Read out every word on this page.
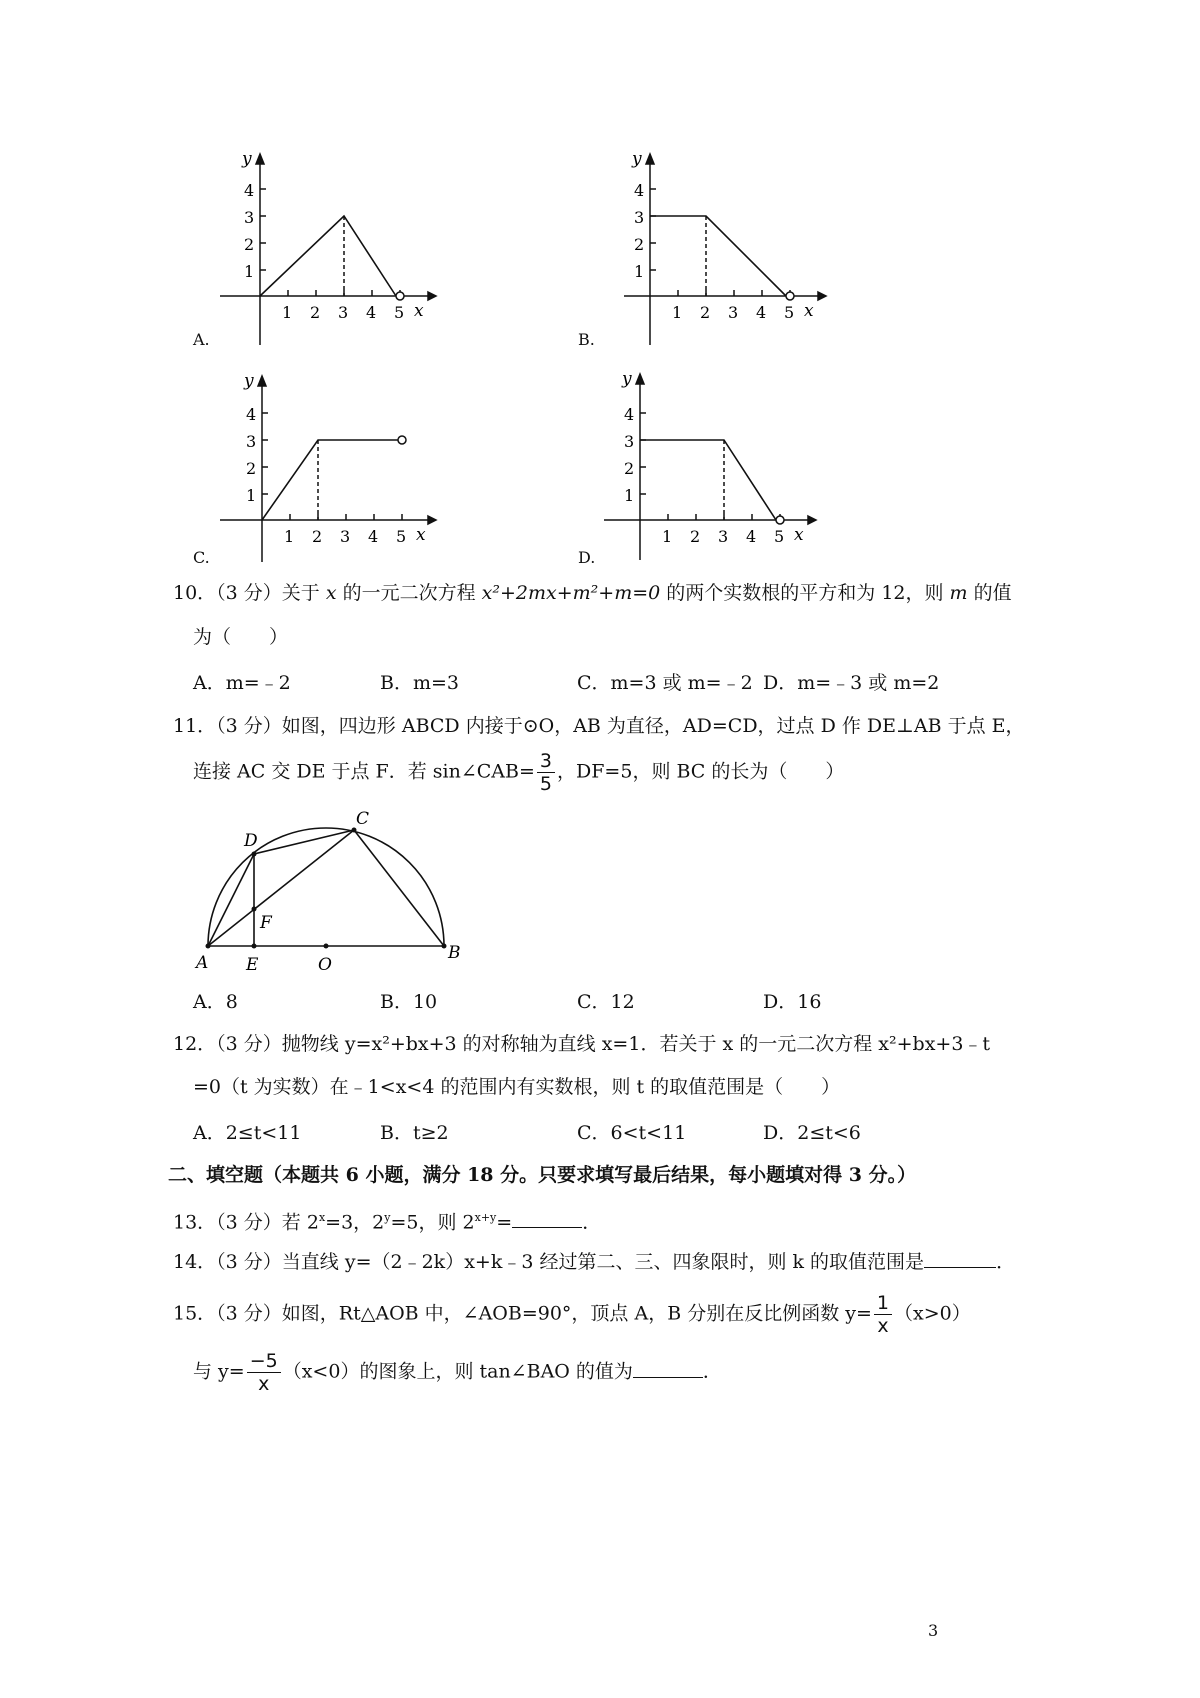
y
x
4
3
2
1
1 2 3 4 5
A.
y
x
4
3
2
1
1 2 3 4 5
B.
y
x
4
3
2
1
1 2 3 4 5
C.
y
x
4
3
2
1
1 2 3 4 5
D.
10．（3 分）关于 x 的一元二次方程 x²+2mx+m²+m=0 的两个实数根的平方和为 12，则 m 的值
为（　　）
A．m=﹣2	B．m=3	C．m=3 或 m=﹣2 D．m=﹣3 或 m=2
11．（3 分）如图，四边形 ABCD 内接于⊙O，AB 为直径，AD=CD，过点 D 作 DE⊥AB 于点 E，
连接 AC 交 DE 于点 F．若 sin∠CAB= $\frac{3}{5}$ ，DF=5，则 BC 的长为（　　）
A	B
C
D
E
F
O
A．8	B．10	C．12	D．16
12．（3 分）抛物线 y=x²+bx+3 的对称轴为直线 x=1．若关于 x 的一元二次方程 x²+bx+3﹣t
=0（t 为实数）在﹣1<x<4 的范围内有实数根，则 t 的取值范围是（　　）
A．2≤t<11	B．t≥2	C．6<t<11	D．2≤t<6
二、填空题（本题共 6 小题，满分 18 分。只要求填写最后结果，每小题填对得 3 分。）
13．（3 分）若 $2^x=3$，$2^y=5$，则 $2^{x+y}=$	．
14．（3 分）当直线 y=（2﹣2k）x+k﹣3 经过第二、三、四象限时，则 k 的取值范围是	．
15．（3 分）如图，Rt△AOB 中，∠AOB=90°，顶点 A，B 分别在反比例函数 $y= \frac{1}{x} (x>0)$
与 $y= \frac{-5}{x} (x<0)$的图象上，则 tan∠BAO 的值为	．
3
